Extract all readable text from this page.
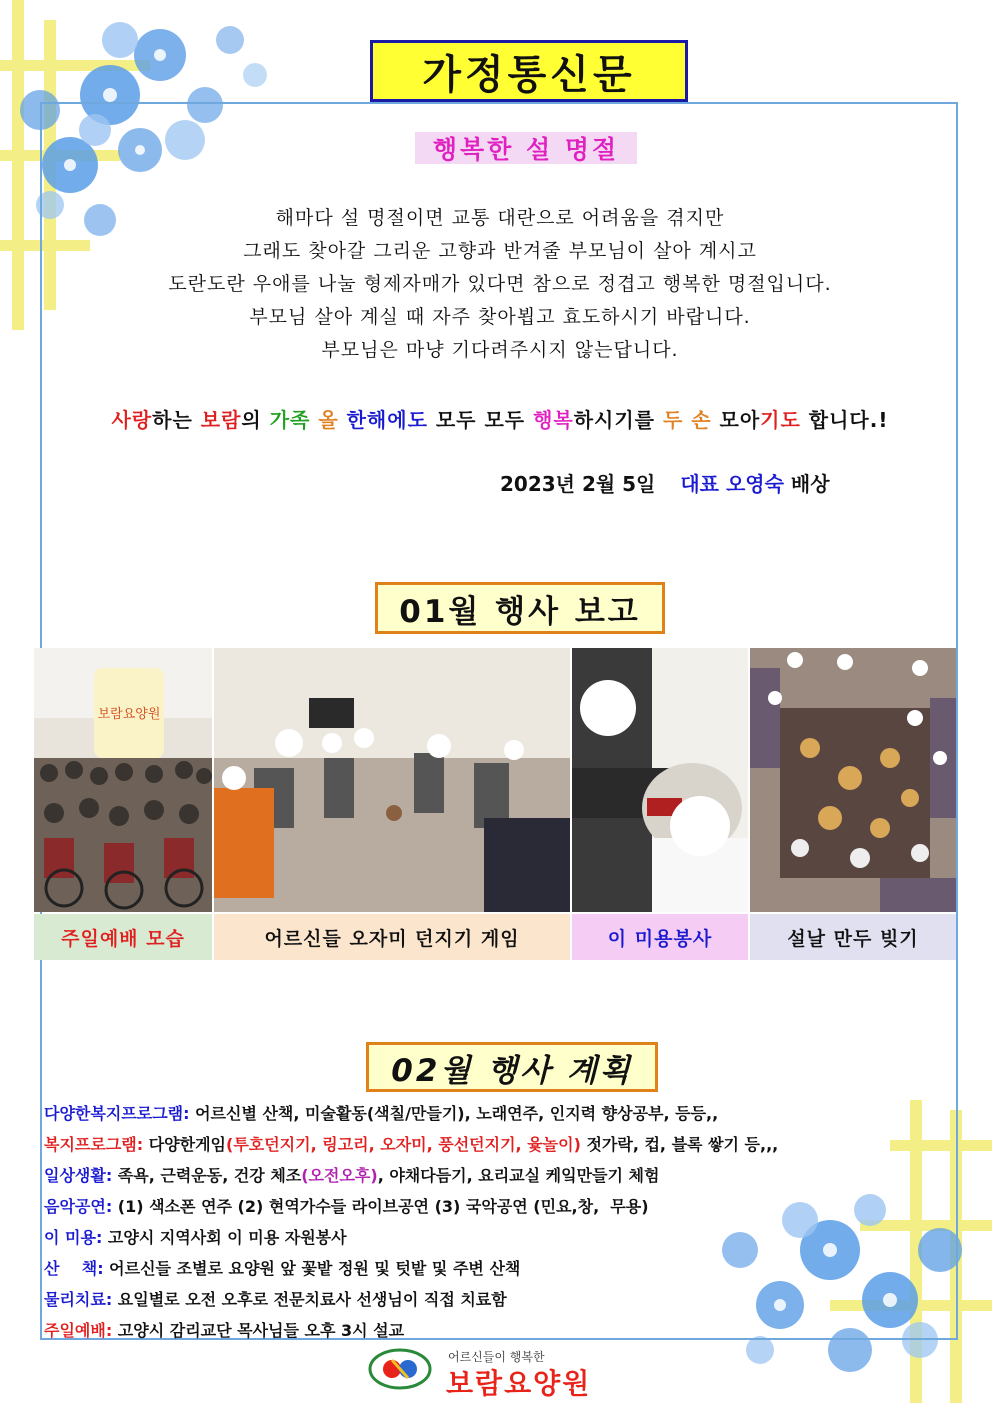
가정통신문
행복한 설 명절
해마다 설 명절이면 교통 대란으로 어려움을 겪지만
그래도 찾아갈 그리운 고향과 반겨줄 부모님이 살아 계시고
도란도란 우애를 나눌 형제자매가 있다면 참으로 정겹고 행복한 명절입니다.
부모님 살아 계실 때 자주 찾아뵙고 효도하시기 바랍니다.
부모님은 마냥 기다려주시지 않는답니다.
사랑하는 보람의 가족 올 한해에도 모두 모두 행복하시기를 두 손 모아기도 합니다.!
2023년 2월 5일 대표 오영숙 배상
01월 행사 보고
보람요양원
주일예배 모습	어르신들 오자미 던지기 게임	이 미용봉사	설날 만두 빚기
02월 행사 계획
다양한복지프로그램: 어르신별 산책, 미술활동(색칠/만들기), 노래연주, 인지력 향상공부, 등등,,
복지프로그램: 다양한게임(투호던지기, 링고리, 오자미, 풍선던지기, 윷놀이) 젓가락, 컵, 블록 쌓기 등,,,
일상생활: 족욕, 근력운동, 건강 체조(오전오후), 야채다듬기, 요리교실 케잌만들기 체험
음악공연: (1) 색소폰 연주 (2) 현역가수들 라이브공연 (3) 국악공연 (민요,창,  무용)
이 미용: 고양시 지역사회 이 미용 자원봉사
산    책: 어르신들 조별로 요양원 앞 꽃밭 정원 및 텃밭 및 주변 산책
물리치료: 요일별로 오전 오후로 전문치료사 선생님이 직접 치료함
주일예배: 고양시 감리교단 목사님들 오후 3시 설교
어르신들이 행복한
보람요양원
